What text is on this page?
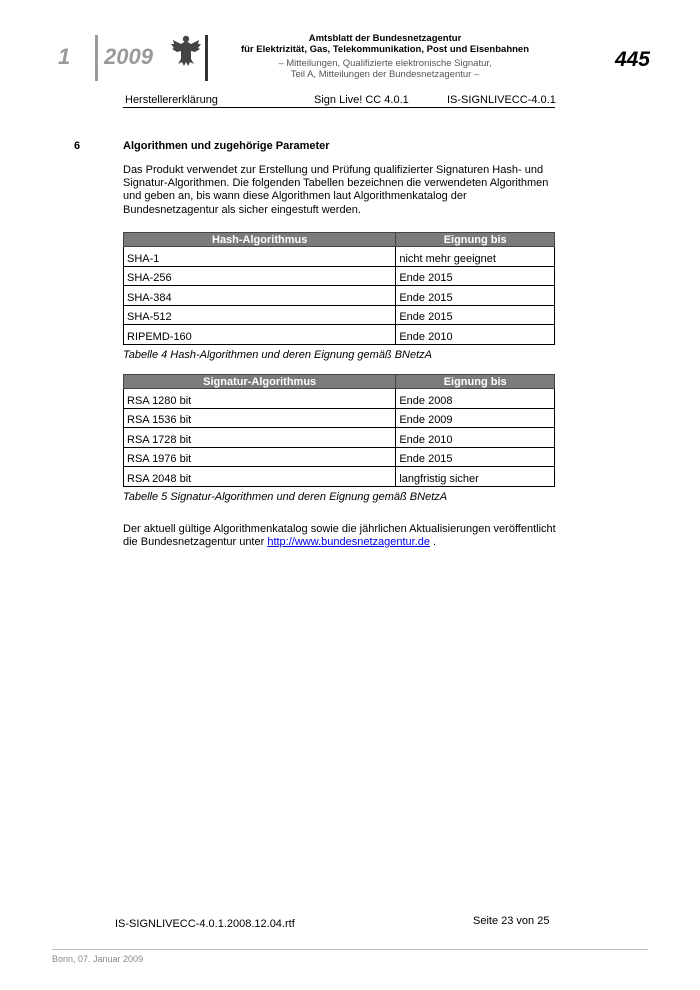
1 2009
Amtsblatt der Bundesnetzagentur
für Elektrizität, Gas, Telekommunikation, Post und Eisenbahnen
– Mitteilungen, Qualifizierte elektronische Signatur,
Teil A, Mitteilungen der Bundesnetzagentur –
445
Herstellererklärung	Sign Live! CC 4.0.1	IS-SIGNLIVECC-4.0.1
6	Algorithmen und zugehörige Parameter
Das Produkt verwendet zur Erstellung und Prüfung qualifizierter Signaturen Hash- und Signatur-Algorithmen. Die folgenden Tabellen bezeichnen die verwendeten Algorithmen und geben an, bis wann diese Algorithmen laut Algorithmenkatalog der Bundesnetzagentur als sicher eingestuft werden.
Hash-Algorithmus	Eignung bis
SHA-1	nicht mehr geeignet
SHA-256	Ende 2015
SHA-384	Ende 2015
SHA-512	Ende 2015
RIPEMD-160	Ende 2010
Tabelle 4 Hash-Algorithmen und deren Eignung gemäß BNetzA
Signatur-Algorithmus	Eignung bis
RSA 1280 bit	Ende 2008
RSA 1536 bit	Ende 2009
RSA 1728 bit	Ende 2010
RSA 1976 bit	Ende 2015
RSA 2048 bit	langfristig sicher
Tabelle 5 Signatur-Algorithmen und deren Eignung gemäß BNetzA
Der aktuell gültige Algorithmenkatalog sowie die jährlichen Aktualisierungen veröffentlicht die Bundesnetzagentur unter http://www.bundesnetzagentur.de .
IS-SIGNLIVECC-4.0.1.2008.12.04.rtf	Seite 23 von 25
Bonn, 07. Januar 2009
